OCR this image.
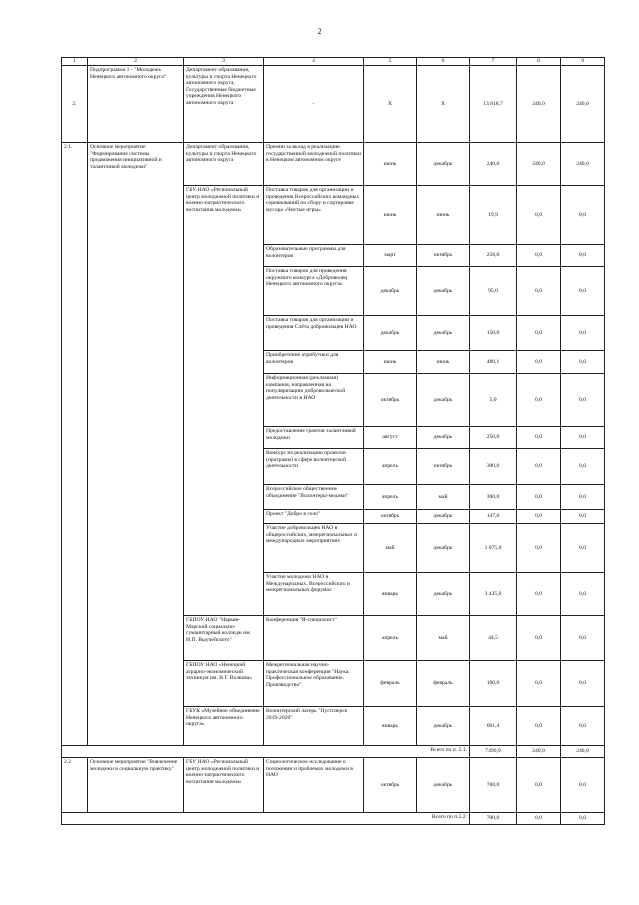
2
1	2	3	4	5	6	7	8	9
2.	Подпрограмма 1 - "Молодежь Ненецкого автономного округа"	Департамент образования, культуры и спорта Ненецкого автономного округа, Государственные бюджетные учреждения Ненецкого автономного округа	-	X	X	13 818,7	240,0	240,0
2.1.	Основное мероприятие "Формирование системы продвижения инициативной и талантливой молодежи"	Департамент образования, культуры и спорта Ненецкого автономного округа	Премии за вклад в реализацию государственной молодежной политики в Ненецком автономном округе	июнь	декабрь	240,0	240,0	240,0
		ГБУ НАО «Региональный центр молодежной политики и военно-патриотического воспитания молодежи»	Поставка товаров для организации и проведения Всероссийских командных соревнований по сбору и сортировке мусора «Чистые игры»	июнь	июнь	19,9	0,0	0,0
			Образовательные программы для волонтеров	март	октябрь	258,0	0,0	0,0
			Поставка товаров для проведения окружного конкурса «Доброволец Ненецкого автономного округа»	декабрь	декабрь	95,0	0,0	0,0
			Поставка товаров для организации и проведения Слёта добровольцев НАО	декабрь	декабрь	150,0	0,0	0,0
			Приобретение атрибутики для волонтеров	июнь	июнь	480,1	0,0	0,0
			Информационная (рекламная) кампания, направленная на популяризацию добровольческой деятельности в НАО	октябрь	декабрь	5,0	0,0	0,0
			Предоставление грантов талантливой молодежи	август	декабрь	250,0	0,0	0,0
			Конкурс на реализацию проектов (программ) в сфере волонтерской деятельности	апрель	октябрь	300,0	0,0	0,0
			Всероссийское общественное объединение "Волонтеры-медики"	апрель	май	300,0	0,0	0,0
			Проект "Добро в село"	октябрь	декабрь	147,0	0,0	0,0
			Участие добровольцев НАО в общероссийских, межрегиональных и международных мероприятиях	май	декабрь	1 075,0	0,0	0,0
			Участие молодежи НАО в Международных, Всероссийских и межрегиональных форумах	январь	декабрь	3 425,0	0,0	0,0
		ГБПОУ НАО "Нарьян-Марский социально-гуманитарный колледж им. И.П. Выучейского"	Конференция "Я-специалист"	апрель	май	44,5	0,0	0,0
		ГБПОУ НАО «Ненецкий аграрно-экономический техникум им. В.Г. Волкова»	Межрегиональная научно-практическая конференция "Наука. Профессиональное образование. Производство"	февраль	февраль	100,0	0,0	0,0
		ГБУК «Музейное объединение Ненецкого автономного округа»	Волонтерский лагерь "Пустозерск 2019-2020"	январь	декабрь	601,4	0,0	0,0
					Всего по п. 5.1.	7490,9	240,0	240,0
2.2	Основное мероприятие "Вовлечение молодежи в социальную практику"	ГБУ НАО «Региональный центр молодежной политики и военно-патриотического воспитания молодежи»	Социологическое исследование о положении и проблемах молодежи в НАО	октябрь	декабрь	700,0	0,0	0,0
					Всего по п.5.2.	700,0	0,0	0,0
